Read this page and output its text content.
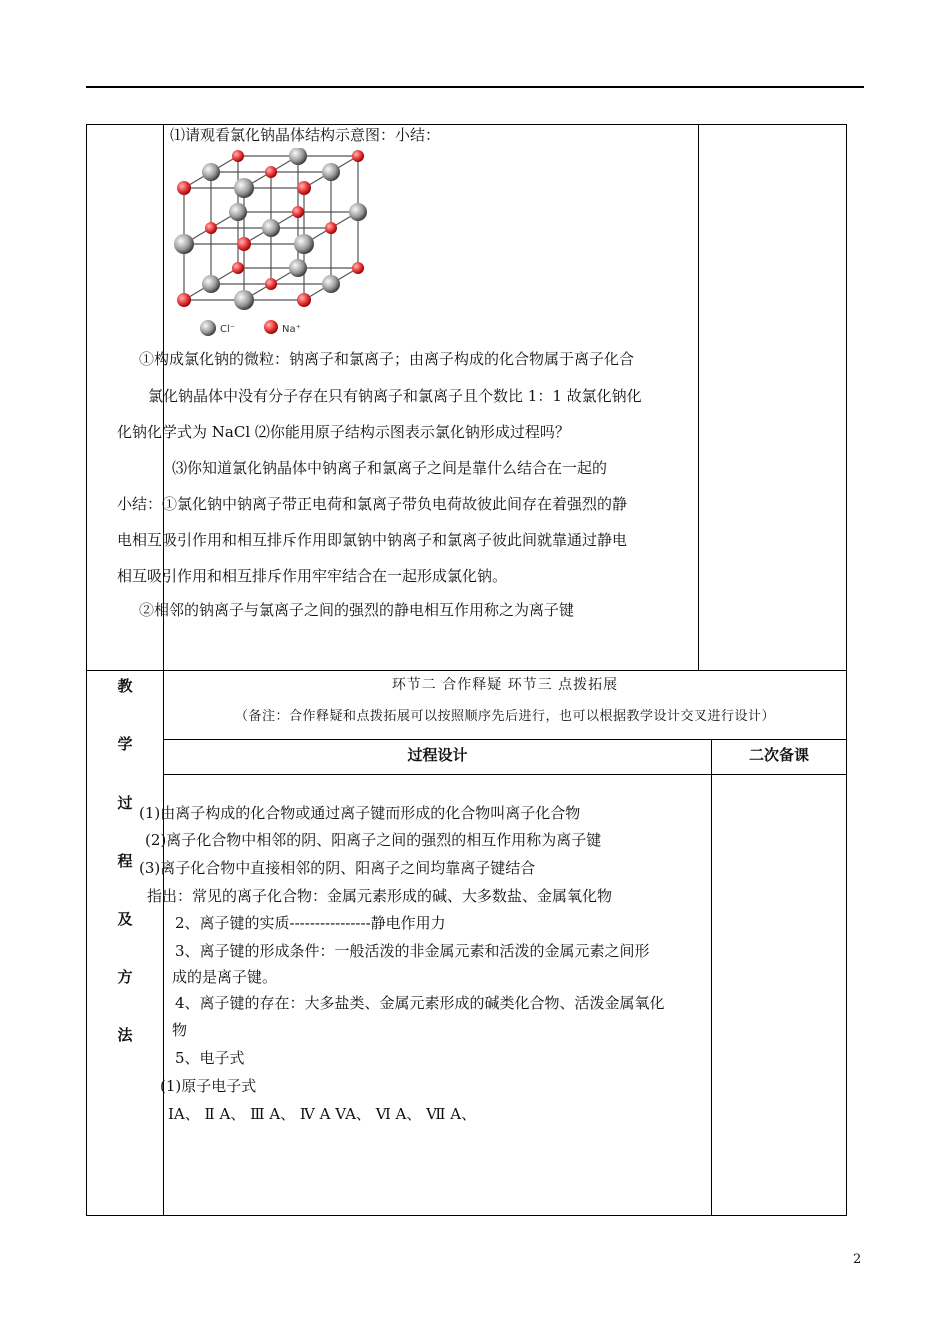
⑴请观看氯化钠晶体结构示意图：小结：
Cl⁻	Na⁺
①构成氯化钠的微粒：钠离子和氯离子；由离子构成的化合物属于离子化合
氯化钠晶体中没有分子存在只有钠离子和氯离子且个数比 1：1 故氯化钠化
化钠化学式为 NaCl ⑵你能用原子结构示图表示氯化钠形成过程吗？
⑶你知道氯化钠晶体中钠离子和氯离子之间是靠什么结合在一起的
小结：①氯化钠中钠离子带正电荷和氯离子带负电荷故彼此间存在着强烈的静
电相互吸引作用和相互排斥作用即氯钠中钠离子和氯离子彼此间就靠通过静电
相互吸引作用和相互排斥作用牢牢结合在一起形成氯化钠。
②相邻的钠离子与氯离子之间的强烈的静电相互作用称之为离子键
教
学
过
程
及
方
法
环节二 合作释疑 环节三 点拨拓展
（备注：合作释疑和点拨拓展可以按照顺序先后进行，也可以根据教学设计交叉进行设计）
过程设计	二次备课
(1)由离子构成的化合物或通过离子键而形成的化合物叫离子化合物
(2)离子化合物中相邻的阴、阳离子之间的强烈的相互作用称为离子键
(3)离子化合物中直接相邻的阴、阳离子之间均靠离子键结合
指出：常见的离子化合物：金属元素形成的碱、大多数盐、金属氧化物
2、离子键的实质----------------静电作用力
3、离子键的形成条件：一般活泼的非金属元素和活泼的金属元素之间形
成的是离子键。
4、离子键的存在：大多盐类、金属元素形成的碱类化合物、活泼金属氧化
物
5、电子式
(1)原子电子式
IA、 Ⅱ A、 Ⅲ A、 Ⅳ A VA、 Ⅵ A、 Ⅶ A、
2
